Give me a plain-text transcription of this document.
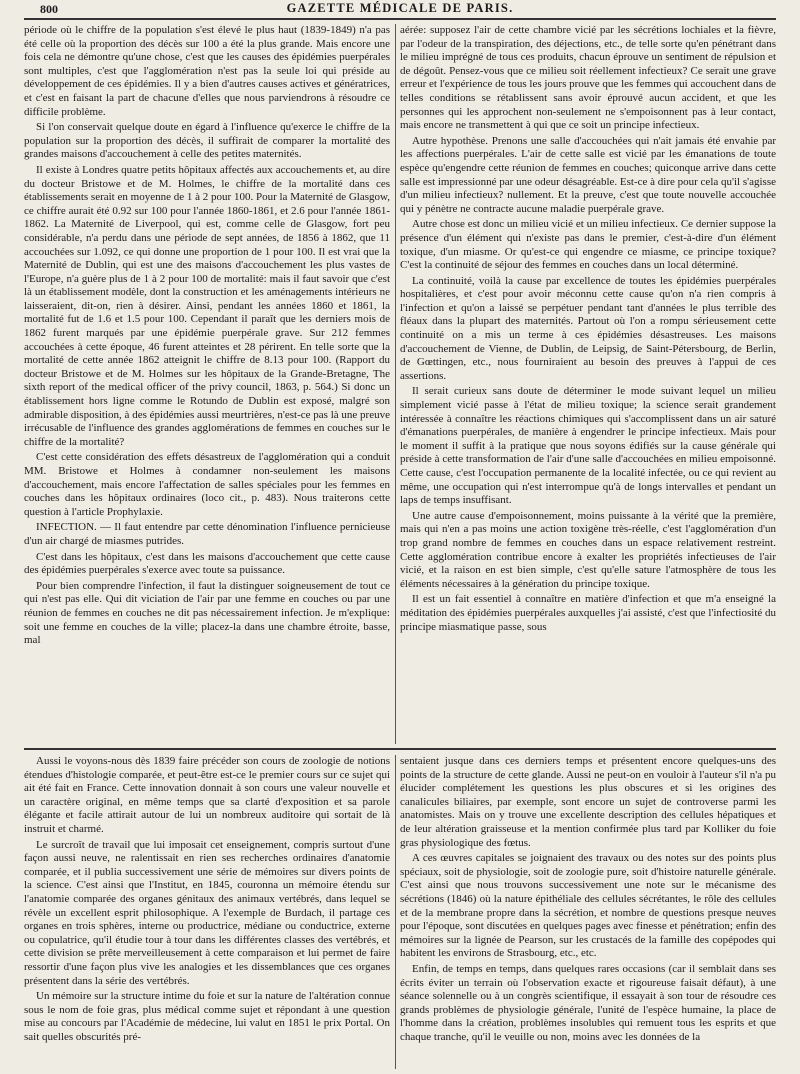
800	GAZETTE MÉDICALE DE PARIS.

période où le chiffre de la population s'est élevé le plus haut (1839-1849) n'a pas été celle où la proportion des décès sur 100 a été la plus grande. Mais encore une fois cela ne démontre qu'une chose, c'est que les causes des épidémies puerpérales sont multiples, c'est que l'agglomération n'est pas la seule loi qui préside au développement de ces épidémies. Il y a bien d'autres causes actives et génératrices, et c'est en faisant la part de chacune d'elles que nous parviendrons à résoudre ce difficile problème.

Si l'on conservait quelque doute en égard à l'influence qu'exerce le chiffre de la population sur la proportion des décès, il suffirait de comparer la mortalité des grandes maisons d'accouchement à celle des petites maternités.

Il existe à Londres quatre petits hôpitaux affectés aux accouchements et, au dire du docteur Bristowe et de M. Holmes, le chiffre de la mortalité dans ces établissements serait en moyenne de 1 à 2 pour 100. Pour la Maternité de Glasgow, ce chiffre aurait été 0.92 sur 100 pour l'année 1860-1861, et 2.6 pour l'année 1861-1862. La Maternité de Liverpool, qui est, comme celle de Glasgow, fort peu considérable, n'a perdu dans une période de sept années, de 1856 à 1862, que 11 accouchées sur 1.092, ce qui donne une proportion de 1 pour 100. Il est vrai que la Maternité de Dublin, qui est une des maisons d'accouchement les plus vastes de l'Europe, n'a guère plus de 1 à 2 pour 100 de mortalité: mais il faut savoir que c'est là un établissement modèle, dont la construction et les aménagements intérieurs ne laisseraient, dit-on, rien à désirer. Ainsi, pendant les années 1860 et 1861, la mortalité fut de 1.6 et 1.5 pour 100. Cependant il paraît que les derniers mois de 1862 furent marqués par une épidémie puerpérale grave. Sur 212 femmes accouchées à cette époque, 46 furent atteintes et 28 périrent. En telle sorte que la mortalité de cette année 1862 atteignit le chiffre de 8.13 pour 100. (Rapport du docteur Bristowe et de M. Holmes sur les hôpitaux de la Grande-Bretagne, The sixth report of the medical officer of the privy council, 1863, p. 564.) Si donc un établissement hors ligne comme le Rotundo de Dublin est exposé, malgré son admirable disposition, à des épidémies aussi meurtrières, n'est-ce pas là une preuve irrécusable de l'influence des grandes agglomérations de femmes en couches sur le chiffre de la mortalité?

C'est cette considération des effets désastreux de l'agglomération qui a conduit MM. Bristowe et Holmes à condamner non-seulement les maisons d'accouchement, mais encore l'affectation de salles spéciales pour les femmes en couches dans les hôpitaux ordinaires (loco cit., p. 483). Nous traiterons cette question à l'article Prophylaxie.

INFECTION. — Il faut entendre par cette dénomination l'influence pernicieuse d'un air chargé de miasmes putrides.

C'est dans les hôpitaux, c'est dans les maisons d'accouchement que cette cause des épidémies puerpérales s'exerce avec toute sa puissance.

Pour bien comprendre l'infection, il faut la distinguer soigneusement de tout ce qui n'est pas elle. Qui dit viciation de l'air par une femme en couches ou par une réunion de femmes en couches ne dit pas nécessairement infection. Je m'explique: soit une femme en couches de la ville; placez-la dans une chambre étroite, basse, mal

aérée: supposez l'air de cette chambre vicié par les sécrétions lochiales et la fièvre, par l'odeur de la transpiration, des déjections, etc., de telle sorte qu'en pénétrant dans le milieu imprégné de tous ces produits, chacun éprouve un sentiment de répulsion et de dégoût. Pensez-vous que ce milieu soit réellement infectieux? Ce serait une grave erreur et l'expérience de tous les jours prouve que les femmes qui accouchent dans de telles conditions se rétablissent sans avoir éprouvé aucun accident, et que les personnes qui les approchent non-seulement ne s'empoisonnent pas à leur contact, mais encore ne transmettent à qui que ce soit un principe infectieux.

Autre hypothèse. Prenons une salle d'accouchées qui n'ait jamais été envahie par les affections puerpérales. L'air de cette salle est vicié par les émanations de toute espèce qu'engendre cette réunion de femmes en couches; quiconque arrive dans cette salle est impressionné par une odeur désagréable. Est-ce à dire pour cela qu'il s'agisse d'un milieu infectieux? nullement. Et la preuve, c'est que toute nouvelle accouchée qui y pénètre ne contracte aucune maladie puerpérale grave.

Autre chose est donc un milieu vicié et un milieu infectieux. Ce dernier suppose la présence d'un élément qui n'existe pas dans le premier, c'est-à-dire d'un élément toxique, d'un miasme. Or qu'est-ce qui engendre ce miasme, ce principe toxique? C'est la continuité de séjour des femmes en couches dans un local déterminé.

La continuité, voilà la cause par excellence de toutes les épidémies puerpérales hospitalières, et c'est pour avoir méconnu cette cause qu'on n'a rien compris à l'infection et qu'on a laissé se perpétuer pendant tant d'années le plus terrible des fléaux dans la plupart des maternités. Partout où l'on a rompu sérieusement cette continuité on a mis un terme à ces épidémies désastreuses. Les maisons d'accouchement de Vienne, de Dublin, de Leipsig, de Saint-Pétersbourg, de Berlin, de Gœttingen, etc., nous fourniraient au besoin des preuves à l'appui de ces assertions.

Il serait curieux sans doute de déterminer le mode suivant lequel un milieu simplement vicié passe à l'état de milieu toxique; la science serait grandement intéressée à connaître les réactions chimiques qui s'accomplissent dans un air saturé d'émanations puerpérales, de manière à engendrer le principe infectieux. Mais pour le moment il suffit à la pratique que nous soyons édifiés sur la cause générale qui préside à cette transformation de l'air d'une salle d'accouchées en milieu empoisonné. Cette cause, c'est l'occupation permanente de la localité infectée, ou ce qui revient au même, une occupation qui n'est interrompue qu'à de longs intervalles et pendant un laps de temps insuffisant.

Une autre cause d'empoisonnement, moins puissante à la vérité que la première, mais qui n'en a pas moins une action toxigène très-réelle, c'est l'agglomération d'un trop grand nombre de femmes en couches dans un espace relativement restreint. Cette agglomération contribue encore à exalter les propriétés infectieuses de l'air vicié, et la raison en est bien simple, c'est qu'elle sature l'atmosphère de tous les éléments nécessaires à la génération du principe toxique.

Il est un fait essentiel à connaître en matière d'infection et que m'a enseigné la méditation des épidémies puerpérales auxquelles j'ai assisté, c'est que l'infectiosité du principe miasmatique passe, sous

Aussi le voyons-nous dès 1839 faire précéder son cours de zoologie de notions étendues d'histologie comparée, et peut-être est-ce le premier cours sur ce sujet qui ait été fait en France. Cette innovation donnait à son cours une valeur nouvelle et un caractère original, en même temps que sa clarté d'exposition et sa parole élégante et facile attirait autour de lui un nombreux auditoire qui sortait de là instruit et charmé.

Le surcroît de travail que lui imposait cet enseignement, compris surtout d'une façon aussi neuve, ne ralentissait en rien ses recherches ordinaires d'anatomie comparée, et il publia successivement une série de mémoires sur divers points de la science. C'est ainsi que l'Institut, en 1845, couronna un mémoire étendu sur l'anatomie comparée des organes génitaux des animaux vertébrés, dans lequel se révèle un excellent esprit philosophique. A l'exemple de Burdach, il partage ces organes en trois sphères, interne ou productrice, médiane ou conductrice, externe ou copulatrice, qu'il étudie tour à tour dans les différentes classes des vertébrés, et cette division se prête merveilleusement à cette comparaison et lui permet de faire ressortir d'une façon plus vive les analogies et les dissemblances que ces organes présentent dans la série des vertébrés.

Un mémoire sur la structure intime du foie et sur la nature de l'altération connue sous le nom de foie gras, plus médical comme sujet et répondant à une question mise au concours par l'Académie de médecine, lui valut en 1851 le prix Portal. On sait quelles obscurités pré-

sentaient jusque dans ces derniers temps et présentent encore quelques-uns des points de la structure de cette glande. Aussi ne peut-on en vouloir à l'auteur s'il n'a pu élucider complétement les questions les plus obscures et si les origines des canalicules biliaires, par exemple, sont encore un sujet de controverse parmi les anatomistes. Mais on y trouve une excellente description des cellules hépatiques et de leur altération graisseuse et la mention confirmée plus tard par Kolliker du foie gras physiologique des fœtus.

A ces œuvres capitales se joignaient des travaux ou des notes sur des points plus spéciaux, soit de physiologie, soit de zoologie pure, soit d'histoire naturelle générale. C'est ainsi que nous trouvons successivement une note sur le mécanisme des sécrétions (1846) où la nature épithéliale des cellules sécrétantes, le rôle des cellules et de la membrane propre dans la sécrétion, et nombre de questions presque neuves pour l'époque, sont discutées en quelques pages avec finesse et pénétration; enfin des mémoires sur la lignée de Pearson, sur les crustacés de la famille des copépodes qui habitent les environs de Strasbourg, etc., etc.

Enfin, de temps en temps, dans quelques rares occasions (car il semblait dans ses écrits éviter un terrain où l'observation exacte et rigoureuse faisait défaut), à une séance solennelle ou à un congrès scientifique, il essayait à son tour de résoudre ces grands problèmes de physiologie générale, l'unité de l'espèce humaine, la place de l'homme dans la création, problèmes insolubles qui remuent tous les esprits et que chaque tranche, qu'il le veuille ou non, moins avec les données de la
